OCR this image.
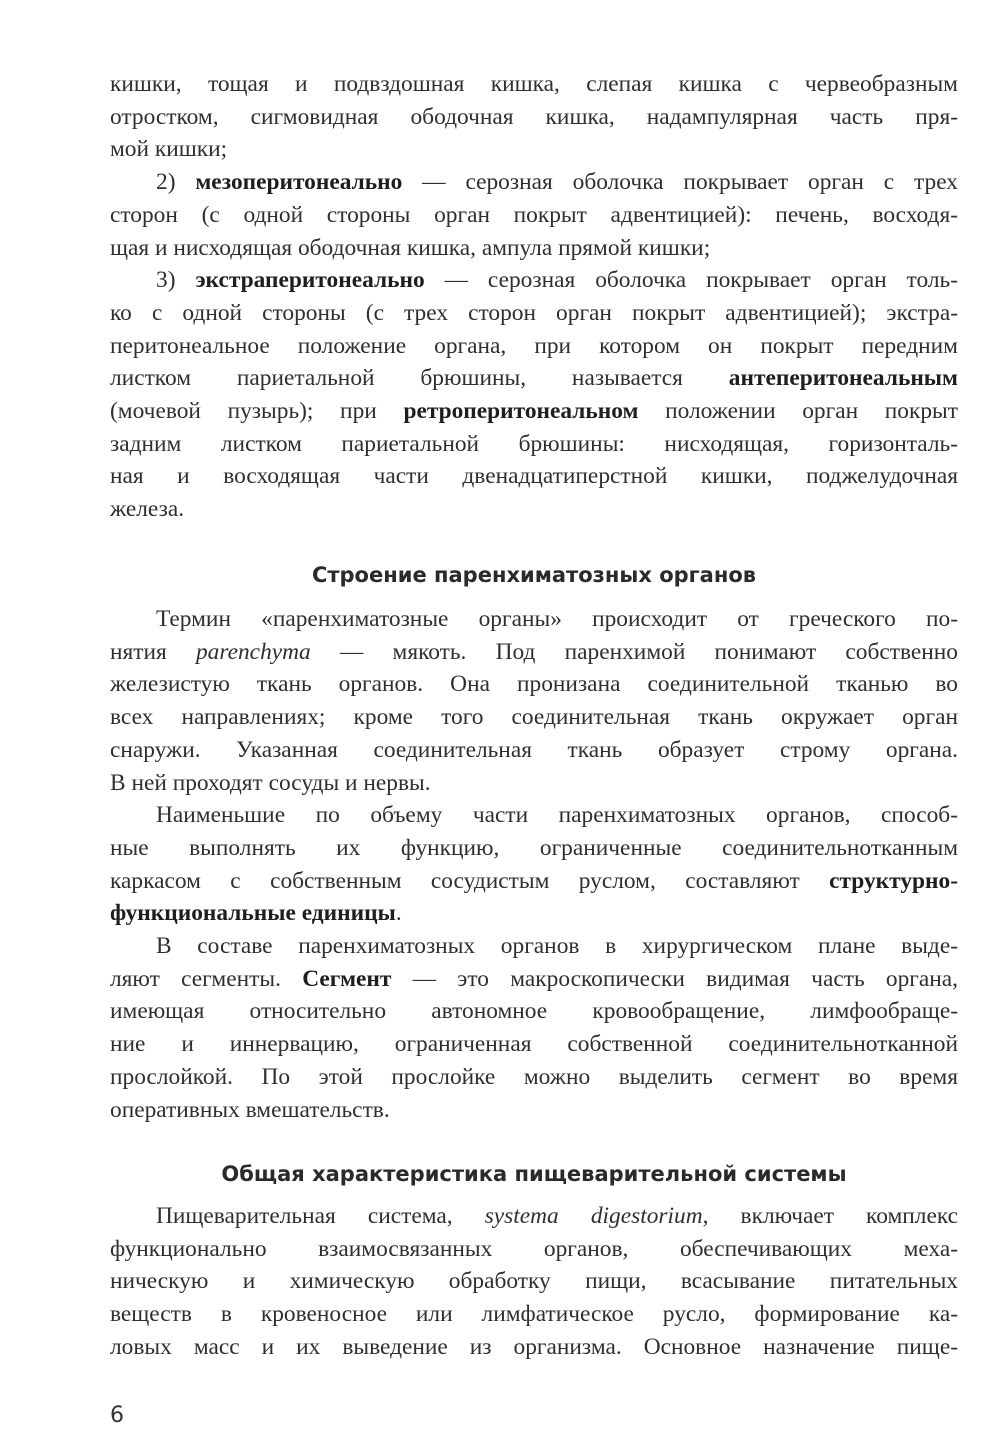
кишки, тощая и подвздошная кишка, слепая кишка с червеобразным
отростком, сигмовидная ободочная кишка, надампулярная часть пря-
мой кишки;
2) мезоперитонеально — серозная оболочка покрывает орган с трех
сторон (с одной стороны орган покрыт адвентицией): печень, восходя-
щая и нисходящая ободочная кишка, ампула прямой кишки;
3) экстраперитонеально — серозная оболочка покрывает орган толь-
ко с одной стороны (с трех сторон орган покрыт адвентицией); экстра-
перитонеальное положение органа, при котором он покрыт передним
листком париетальной брюшины, называется антеперитонеальным
(мочевой пузырь); при ретроперитонеальном положении орган покрыт
задним листком париетальной брюшины: нисходящая, горизонталь-
ная и восходящая части двенадцатиперстной кишки, поджелудочная
железа.
Строение паренхиматозных органов
Термин «паренхиматозные органы» происходит от греческого по-
нятия parenchyma — мякоть. Под паренхимой понимают собственно
железистую ткань органов. Она пронизана соединительной тканью во
всех направлениях; кроме того соединительная ткань окружает орган
снаружи. Указанная соединительная ткань образует строму органа.
В ней проходят сосуды и нервы.
Наименьшие по объему части паренхиматозных органов, способ-
ные выполнять их функцию, ограниченные соединительнотканным
каркасом с собственным сосудистым руслом, составляют структурно-
функциональные единицы.
В составе паренхиматозных органов в хирургическом плане выде-
ляют сегменты. Сегмент — это макроскопически видимая часть органа,
имеющая относительно автономное кровообращение, лимфообраще-
ние и иннервацию, ограниченная собственной соединительнотканной
прослойкой. По этой прослойке можно выделить сегмент во время
оперативных вмешательств.
Общая характеристика пищеварительной системы
Пищеварительная система, systema digestorium, включает комплекс
функционально взаимосвязанных органов, обеспечивающих меха-
ническую и химическую обработку пищи, всасывание питательных
веществ в кровеносное или лимфатическое русло, формирование ка-
ловых масс и их выведение из организма. Основное назначение пище-
6
